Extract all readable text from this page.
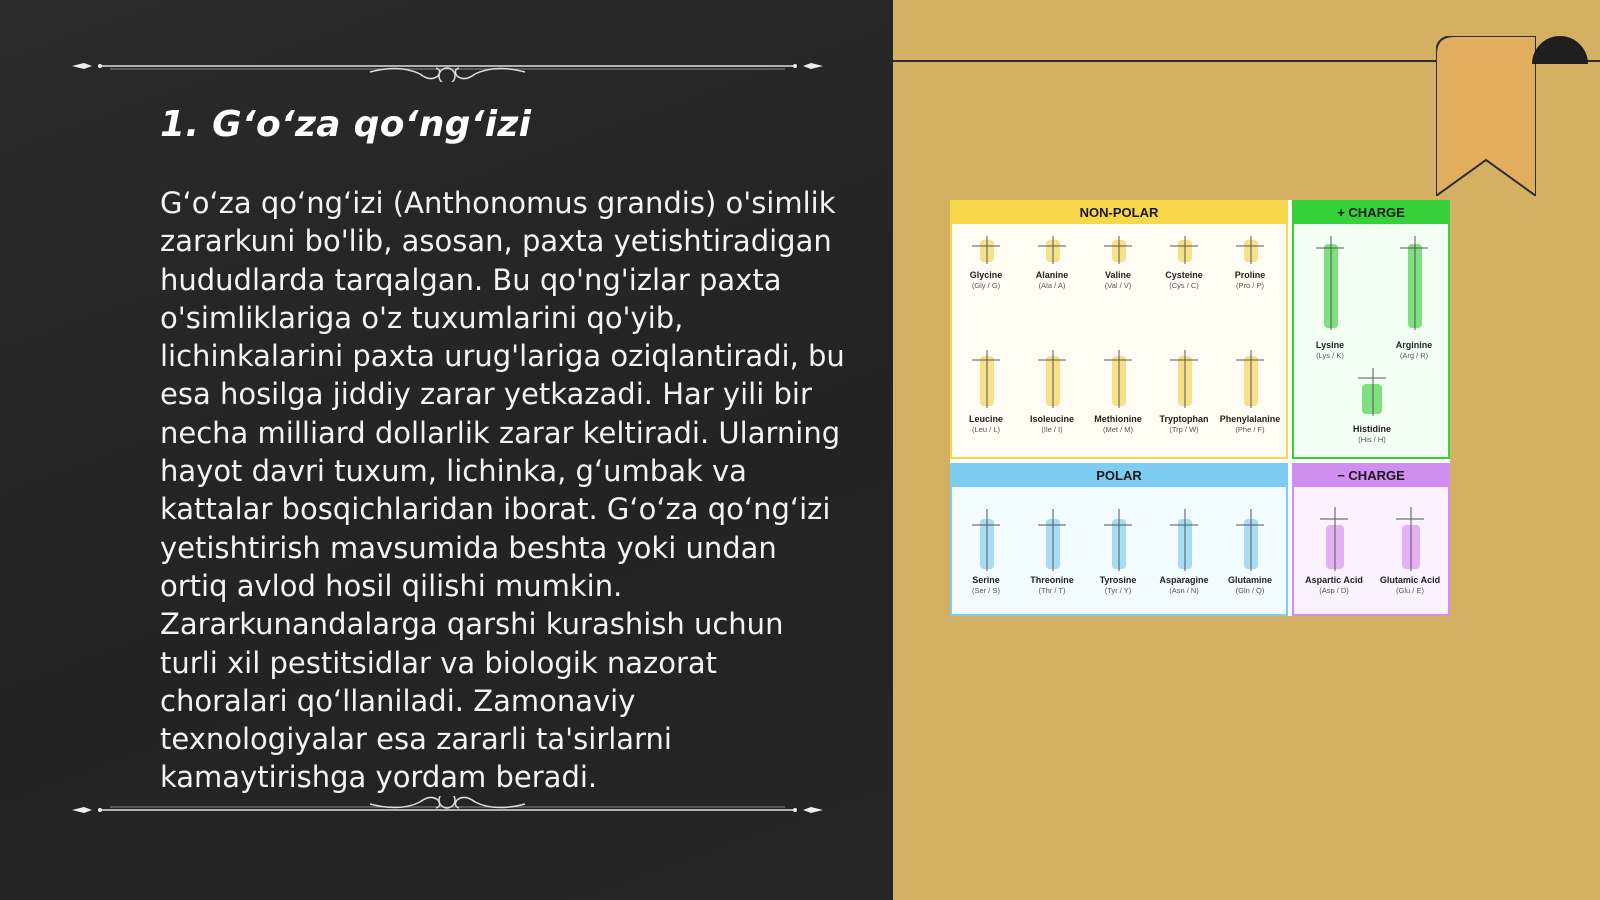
1. G‘o‘za qo‘ng‘izi

G‘o‘za qo‘ng‘izi (Anthonomus grandis) o'simlik zararkuni bo'lib, asosan, paxta yetishtiradigan hududlarda tarqalgan. Bu qo'ng'izlar paxta o'simliklariga o'z tuxumlarini qo'yib, lichinkalarini paxta urug'lariga oziqlantiradi, bu esa hosilga jiddiy zarar yetkazadi. Har yili bir necha milliard dollarlik zarar keltiradi. Ularning hayot davri tuxum, lichinka, g‘umbak va kattalar bosqichlaridan iborat. G‘o‘za qo‘ng‘izi yetishtirish mavsumida beshta yoki undan ortiq avlod hosil qilishi mumkin. Zararkunandalarga qarshi kurashish uchun turli xil pestitsidlar va biologik nazorat choralari qo‘llaniladi. Zamonaviy texnologiyalar esa zararli ta'sirlarni kamaytirishga yordam beradi.

NON-POLAR
Glycine
(Gly / G)
Alanine
(Ala / A)
Valine
(Val / V)
Cysteine
(Cys / C)
Proline
(Pro / P)
Leucine
(Leu / L)
Isoleucine
(Ile / I)
Methionine
(Met / M)
Tryptophan
(Trp / W)
Phenylalanine
(Phe / F)
+ CHARGE
Lysine
(Lys / K)
Arginine
(Arg / R)
Histidine
(His / H)
POLAR
Serine
(Ser / S)
Threonine
(Thr / T)
Tyrosine
(Tyr / Y)
Asparagine
(Asn / N)
Glutamine
(Gln / Q)
− CHARGE
Aspartic Acid
(Asp / D)
Glutamic Acid
(Glu / E)
